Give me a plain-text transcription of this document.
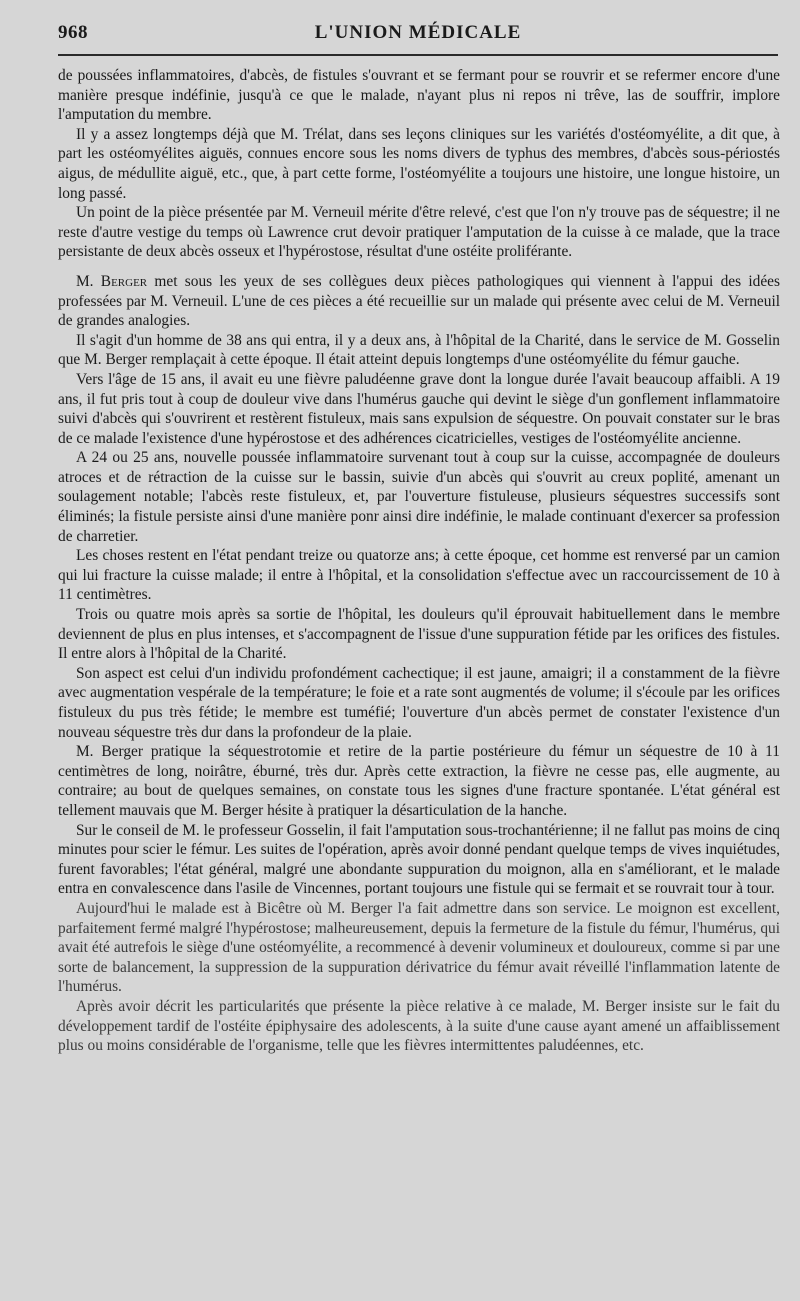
968	L'UNION MÉDICALE

de poussées inflammatoires, d'abcès, de fistules s'ouvrant et se fermant pour se rouvrir et se refermer encore d'une manière presque indéfinie, jusqu'à ce que le malade, n'ayant plus ni repos ni trêve, las de souffrir, implore l'amputation du membre.

Il y a assez longtemps déjà que M. Trélat, dans ses leçons cliniques sur les variétés d'ostéomyélite, a dit que, à part les ostéomyélites aiguës, connues encore sous les noms divers de typhus des membres, d'abcès sous-périostés aigus, de médullite aiguë, etc., que, à part cette forme, l'ostéomyélite a toujours une histoire, une longue histoire, un long passé.

Un point de la pièce présentée par M. Verneuil mérite d'être relevé, c'est que l'on n'y trouve pas de séquestre; il ne reste d'autre vestige du temps où Lawrence crut devoir pratiquer l'amputation de la cuisse à ce malade, que la trace persistante de deux abcès osseux et l'hypérostose, résultat d'une ostéite proliférante.

M. Berger met sous les yeux de ses collègues deux pièces pathologiques qui viennent à l'appui des idées professées par M. Verneuil. L'une de ces pièces a été recueillie sur un malade qui présente avec celui de M. Verneuil de grandes analogies.

Il s'agit d'un homme de 38 ans qui entra, il y a deux ans, à l'hôpital de la Charité, dans le service de M. Gosselin que M. Berger remplaçait à cette époque. Il était atteint depuis longtemps d'une ostéomyélite du fémur gauche.

Vers l'âge de 15 ans, il avait eu une fièvre paludéenne grave dont la longue durée l'avait beaucoup affaibli. A 19 ans, il fut pris tout à coup de douleur vive dans l'humérus gauche qui devint le siège d'un gonflement inflammatoire suivi d'abcès qui s'ouvrirent et restèrent fistuleux, mais sans expulsion de séquestre. On pouvait constater sur le bras de ce malade l'existence d'une hypérostose et des adhérences cicatricielles, vestiges de l'ostéomyélite ancienne.

A 24 ou 25 ans, nouvelle poussée inflammatoire survenant tout à coup sur la cuisse, accompagnée de douleurs atroces et de rétraction de la cuisse sur le bassin, suivie d'un abcès qui s'ouvrit au creux poplité, amenant un soulagement notable; l'abcès reste fistuleux, et, par l'ouverture fistuleuse, plusieurs séquestres successifs sont éliminés; la fistule persiste ainsi d'une manière ponr ainsi dire indéfinie, le malade continuant d'exercer sa profession de charretier.

Les choses restent en l'état pendant treize ou quatorze ans; à cette époque, cet homme est renversé par un camion qui lui fracture la cuisse malade; il entre à l'hôpital, et la consolidation s'effectue avec un raccourcissement de 10 à 11 centimètres.

Trois ou quatre mois après sa sortie de l'hôpital, les douleurs qu'il éprouvait habituellement dans le membre deviennent de plus en plus intenses, et s'accompagnent de l'issue d'une suppuration fétide par les orifices des fistules. Il entre alors à l'hôpital de la Charité.

Son aspect est celui d'un individu profondément cachectique; il est jaune, amaigri; il a constamment de la fièvre avec augmentation vespérale de la température; le foie et a rate sont augmentés de volume; il s'écoule par les orifices fistuleux du pus très fétide; le membre est tuméfié; l'ouverture d'un abcès permet de constater l'existence d'un nouveau séquestre très dur dans la profondeur de la plaie.

M. Berger pratique la séquestrotomie et retire de la partie postérieure du fémur un séquestre de 10 à 11 centimètres de long, noirâtre, éburné, très dur. Après cette extraction, la fièvre ne cesse pas, elle augmente, au contraire; au bout de quelques semaines, on constate tous les signes d'une fracture spontanée. L'état général est tellement mauvais que M. Berger hésite à pratiquer la désarticulation de la hanche.

Sur le conseil de M. le professeur Gosselin, il fait l'amputation sous-trochantérienne; il ne fallut pas moins de cinq minutes pour scier le fémur. Les suites de l'opération, après avoir donné pendant quelque temps de vives inquiétudes, furent favorables; l'état général, malgré une abondante suppuration du moignon, alla en s'améliorant, et le malade entra en convalescence dans l'asile de Vincennes, portant toujours une fistule qui se fermait et se rouvrait tour à tour.

Aujourd'hui le malade est à Bicêtre où M. Berger l'a fait admettre dans son service. Le moignon est excellent, parfaitement fermé malgré l'hypérostose; malheureusement, depuis la fermeture de la fistule du fémur, l'humérus, qui avait été autrefois le siège d'une ostéomyélite, a recommencé à devenir volumineux et douloureux, comme si par une sorte de balancement, la suppression de la suppuration dérivatrice du fémur avait réveillé l'inflammation latente de l'humérus.

Après avoir décrit les particularités que présente la pièce relative à ce malade, M. Berger insiste sur le fait du développement tardif de l'ostéite épiphysaire des adolescents, à la suite d'une cause ayant amené un affaiblissement plus ou moins considérable de l'organisme, telle que les fièvres intermittentes paludéennes, etc.
